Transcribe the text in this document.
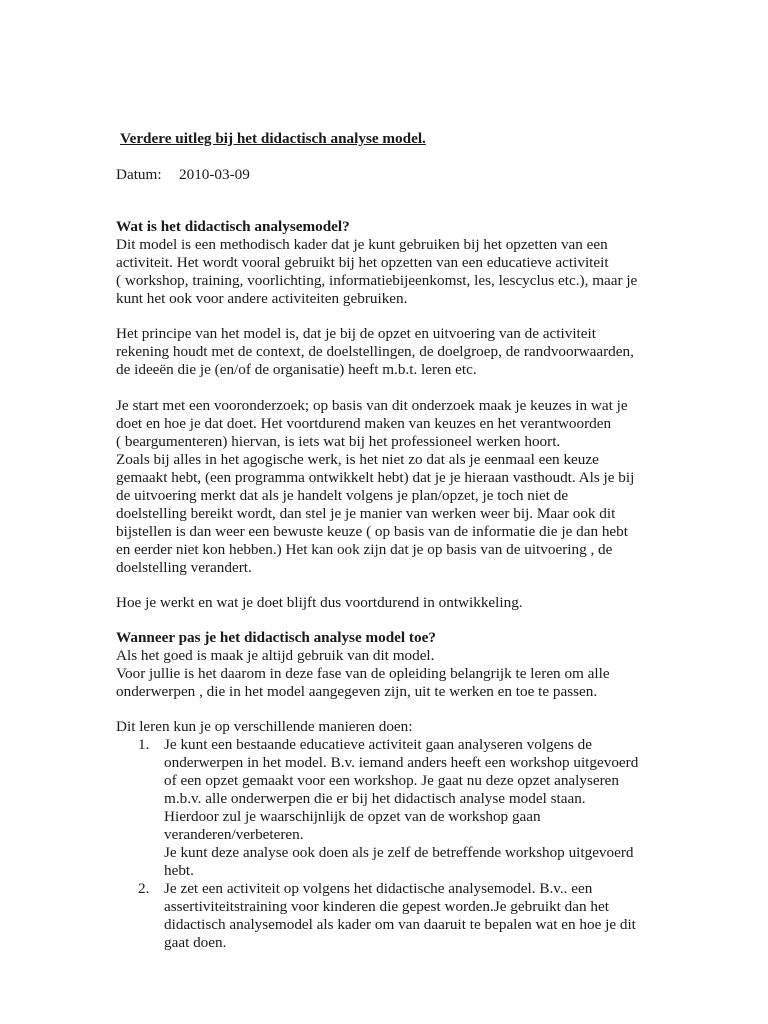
Verdere uitleg bij het didactisch analyse model.
Datum: 2010-03-09
Wat is het didactisch analysemodel?
Dit model is een methodisch kader dat je kunt gebruiken bij het opzetten van een
activiteit. Het wordt vooral gebruikt bij het opzetten van een educatieve activiteit
( workshop, training, voorlichting, informatiebijeenkomst, les, lescyclus etc.), maar je
kunt het ook voor andere activiteiten gebruiken.
Het principe van het model is, dat je bij de opzet en uitvoering van de activiteit
rekening houdt met de context, de doelstellingen, de doelgroep, de randvoorwaarden,
de ideeën die je (en/of de organisatie) heeft m.b.t. leren etc.
Je start met een vooronderzoek; op basis van dit onderzoek maak je keuzes in wat je
doet en hoe je dat doet. Het voortdurend maken van keuzes en het verantwoorden
( beargumenteren) hiervan, is iets wat bij het professioneel werken hoort.
Zoals bij alles in het agogische werk, is het niet zo dat als je eenmaal een keuze
gemaakt hebt, (een programma ontwikkelt hebt) dat je je hieraan vasthoudt. Als je bij
de uitvoering merkt dat als je handelt volgens je plan/opzet, je toch niet de
doelstelling bereikt wordt, dan stel je je manier van werken weer bij. Maar ook dit
bijstellen is dan weer een bewuste keuze ( op basis van de informatie die je dan hebt
en eerder niet kon hebben.) Het kan ook zijn dat je op basis van de uitvoering , de
doelstelling verandert.
Hoe je werkt en wat je doet blijft dus voortdurend in ontwikkeling.
Wanneer pas je het didactisch analyse model toe?
Als het goed is maak je altijd gebruik van dit model.
Voor jullie is het daarom in deze fase van de opleiding belangrijk te leren om alle
onderwerpen , die in het model aangegeven zijn, uit te werken en toe te passen.
Dit leren kun je op verschillende manieren doen:
1. Je kunt een bestaande educatieve activiteit gaan analyseren volgens de
onderwerpen in het model. B.v. iemand anders heeft een workshop uitgevoerd
of een opzet gemaakt voor een workshop. Je gaat nu deze opzet analyseren
m.b.v. alle onderwerpen die er bij het didactisch analyse model staan.
Hierdoor zul je waarschijnlijk de opzet van de workshop gaan
veranderen/verbeteren.
Je kunt deze analyse ook doen als je zelf de betreffende workshop uitgevoerd
hebt.
2. Je zet een activiteit op volgens het didactische analysemodel. B.v.. een
assertiviteitstraining voor kinderen die gepest worden.Je gebruikt dan het
didactisch analysemodel als kader om van daaruit te bepalen wat en hoe je dit
gaat doen.
